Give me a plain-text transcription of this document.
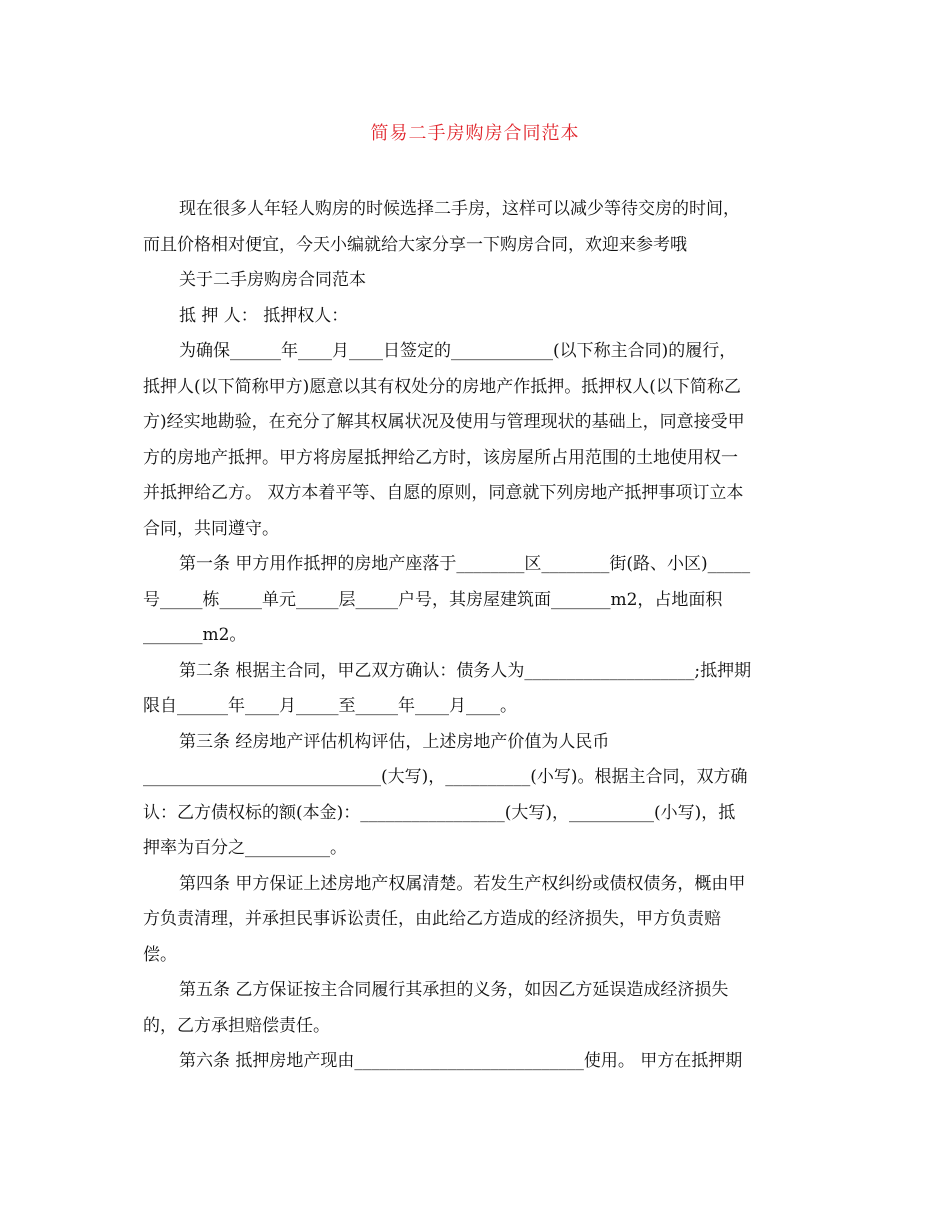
简易二手房购房合同范本
现在很多人年轻人购房的时候选择二手房，这样可以减少等待交房的时间，
而且价格相对便宜，今天小编就给大家分享一下购房合同，欢迎来参考哦
关于二手房购房合同范本
抵 押 人： 抵押权人：
为确保______年____月____日签定的____________(以下称主合同)的履行，
抵押人(以下简称甲方)愿意以其有权处分的房地产作抵押。抵押权人(以下简称乙
方)经实地勘验，在充分了解其权属状况及使用与管理现状的基础上，同意接受甲
方的房地产抵押。甲方将房屋抵押给乙方时，该房屋所占用范围的土地使用权一
并抵押给乙方。 双方本着平等、自愿的原则，同意就下列房地产抵押事项订立本
合同，共同遵守。
第一条 甲方用作抵押的房地产座落于________区________街(路、小区)_____
号_____栋_____单元_____层_____户号，其房屋建筑面_______m2，占地面积
_______m2。
第二条 根据主合同，甲乙双方确认：债务人为____________________;抵押期
限自______年____月_____至_____年____月____。
第三条 经房地产评估机构评估，上述房地产价值为人民币
____________________________(大写)，__________(小写)。根据主合同，双方确
认：乙方债权标的额(本金)：_________________(大写)，__________(小写)，抵
押率为百分之__________。
第四条 甲方保证上述房地产权属清楚。若发生产权纠纷或债权债务，概由甲
方负责清理，并承担民事诉讼责任，由此给乙方造成的经济损失，甲方负责赔
偿。
第五条 乙方保证按主合同履行其承担的义务，如因乙方延误造成经济损失
的，乙方承担赔偿责任。
第六条 抵押房地产现由___________________________使用。 甲方在抵押期
